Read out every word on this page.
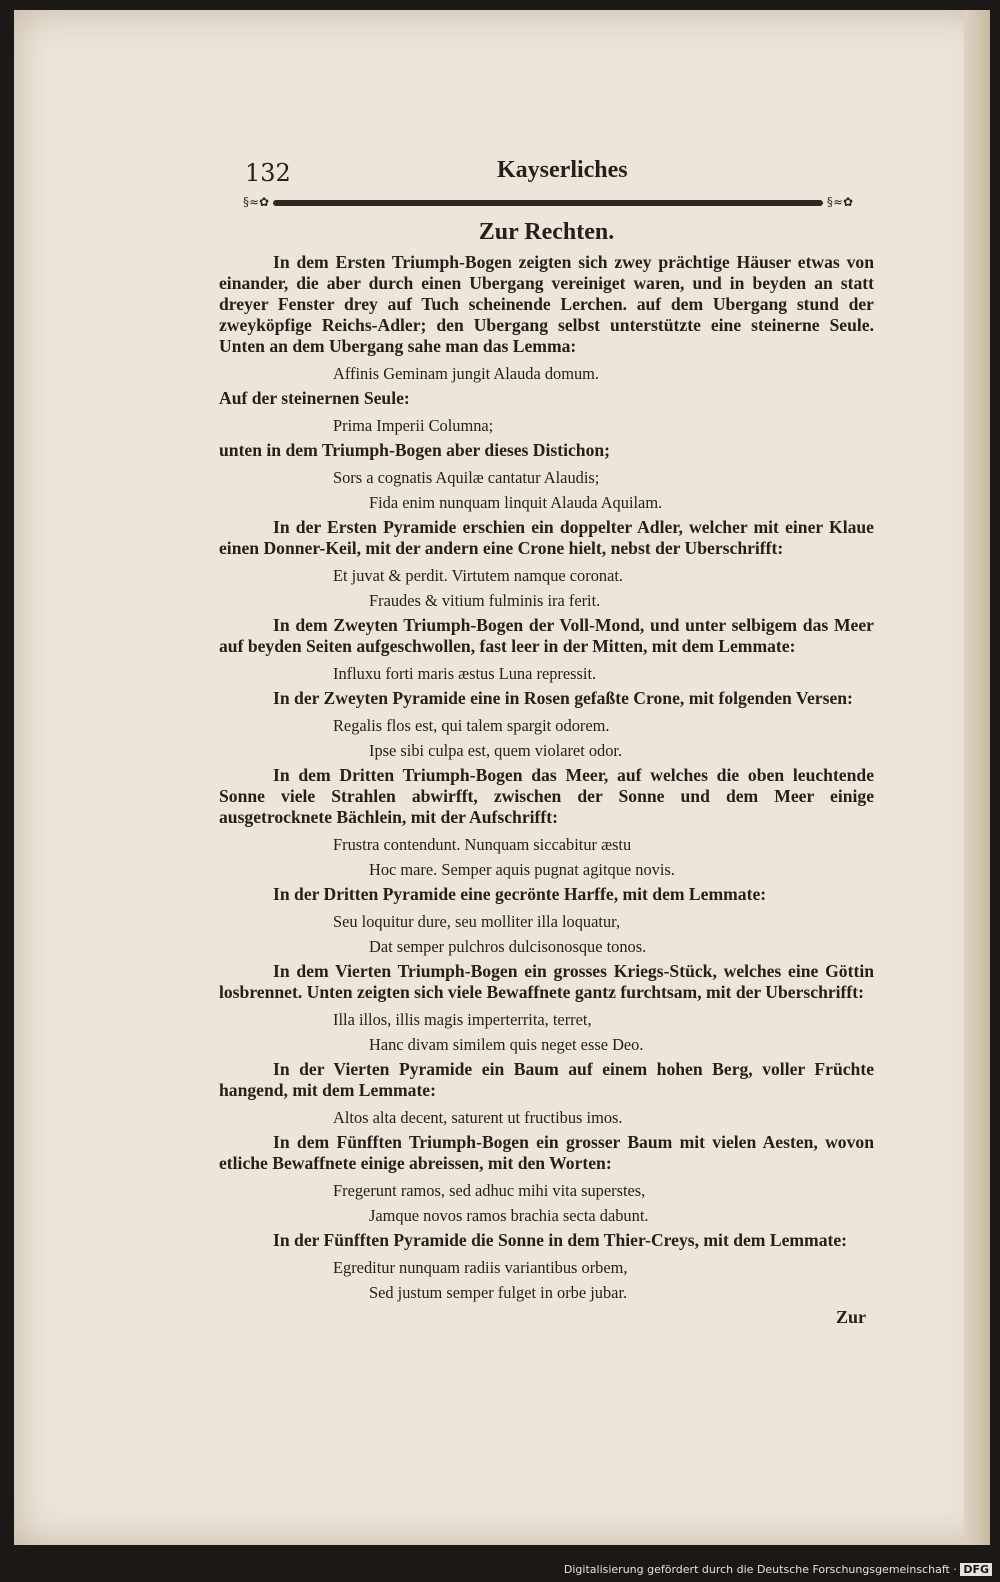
132	Kayserliches
§≈✿	§≈✿
Zur Rechten.
In dem Ersten Triumph-Bogen zeigten sich zwey prächtige Häuser etwas von einander, die aber durch einen Ubergang vereiniget waren, und in beyden an statt dreyer Fenster drey auf Tuch scheinende Lerchen. auf dem Ubergang stund der zweyköpfige Reichs-Adler; den Ubergang selbst unterstützte eine steinerne Seule. Unten an dem Ubergang sahe man das Lemma:
Affinis Geminam jungit Alauda domum.
Auf der steinernen Seule:
Prima Imperii Columna;
unten in dem Triumph-Bogen aber dieses Distichon;
Sors a cognatis Aquilæ cantatur Alaudis;
Fida enim nunquam linquit Alauda Aquilam.
In der Ersten Pyramide erschien ein doppelter Adler, welcher mit einer Klaue einen Donner-Keil, mit der andern eine Crone hielt, nebst der Uberschrifft:
Et juvat & perdit. Virtutem namque coronat.
Fraudes & vitium fulminis ira ferit.
In dem Zweyten Triumph-Bogen der Voll-Mond, und unter selbigem das Meer auf beyden Seiten aufgeschwollen, fast leer in der Mitten, mit dem Lemmate:
Influxu forti maris æstus Luna repressit.
In der Zweyten Pyramide eine in Rosen gefaßte Crone, mit folgenden Versen:
Regalis flos est, qui talem spargit odorem.
Ipse sibi culpa est, quem violaret odor.
In dem Dritten Triumph-Bogen das Meer, auf welches die oben leuchtende Sonne viele Strahlen abwirfft, zwischen der Sonne und dem Meer einige ausgetrocknete Bächlein, mit der Aufschrifft:
Frustra contendunt. Nunquam siccabitur æstu
Hoc mare. Semper aquis pugnat agitque novis.
In der Dritten Pyramide eine gecrönte Harffe, mit dem Lemmate:
Seu loquitur dure, seu molliter illa loquatur,
Dat semper pulchros dulcisonosque tonos.
In dem Vierten Triumph-Bogen ein grosses Kriegs-Stück, welches eine Göttin losbrennet. Unten zeigten sich viele Bewaffnete gantz furchtsam, mit der Uberschrifft:
Illa illos, illis magis imperterrita, terret,
Hanc divam similem quis neget esse Deo.
In der Vierten Pyramide ein Baum auf einem hohen Berg, voller Früchte hangend, mit dem Lemmate:
Altos alta decent, saturent ut fructibus imos.
In dem Fünfften Triumph-Bogen ein grosser Baum mit vielen Aesten, wovon etliche Bewaffnete einige abreissen, mit den Worten:
Fregerunt ramos, sed adhuc mihi vita superstes,
Jamque novos ramos brachia secta dabunt.
In der Fünfften Pyramide die Sonne in dem Thier-Creys, mit dem Lemmate:
Egreditur nunquam radiis variantibus orbem,
Sed justum semper fulget in orbe jubar.
Zur
Digitalisierung gefördert durch die Deutsche Forschungsgemeinschaft · DFG
